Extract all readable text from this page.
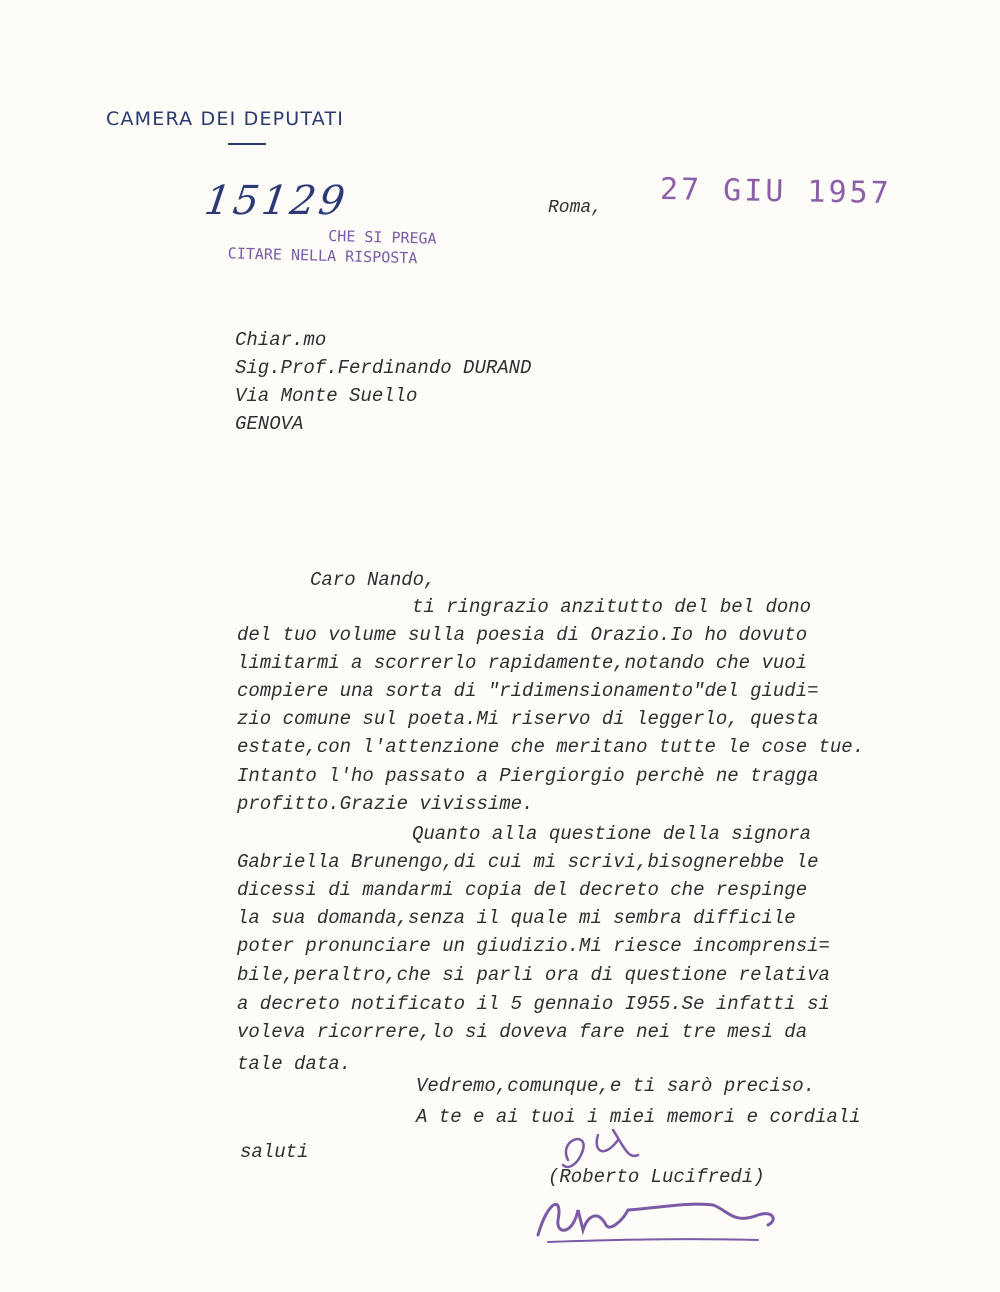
CAMERA DEI DEPUTATI
15129
CHE SI PREGA
CITARE NELLA RISPOSTA
Roma, 27 GIU 1957
Chiar.mo
Sig.Prof.Ferdinando DURAND
Via Monte Suello
GENOVA

Caro Nando,

ti ringrazio anzitutto del bel dono

del tuo volume sulla poesia di Orazio.Io ho dovuto

limitarmi a scorrerlo rapidamente,notando che vuoi

compiere una sorta di "ridimensionamento"del giudi=

zio comune sul poeta.Mi riservo di leggerlo, questa

estate,con l'attenzione che meritano tutte le cose tue.

Intanto l'ho passato a Piergiorgio perchè ne tragga

profitto.Grazie vivissime.

Quanto alla questione della signora

Gabriella Brunengo,di cui mi scrivi,bisognerebbe le

dicessi di mandarmi copia del decreto che respinge

la sua domanda,senza il quale mi sembra difficile

poter pronunciare un giudizio.Mi riesce incomprensi=

bile,peraltro,che si parli ora di questione relativa

a decreto notificato il 5 gennaio I955.Se infatti si

voleva ricorrere,lo si doveva fare nei tre mesi da

tale data.

Vedremo,comunque,e ti sarò preciso.

A te e ai tuoi i miei memori e cordiali

saluti

(Roberto Lucifredi)
